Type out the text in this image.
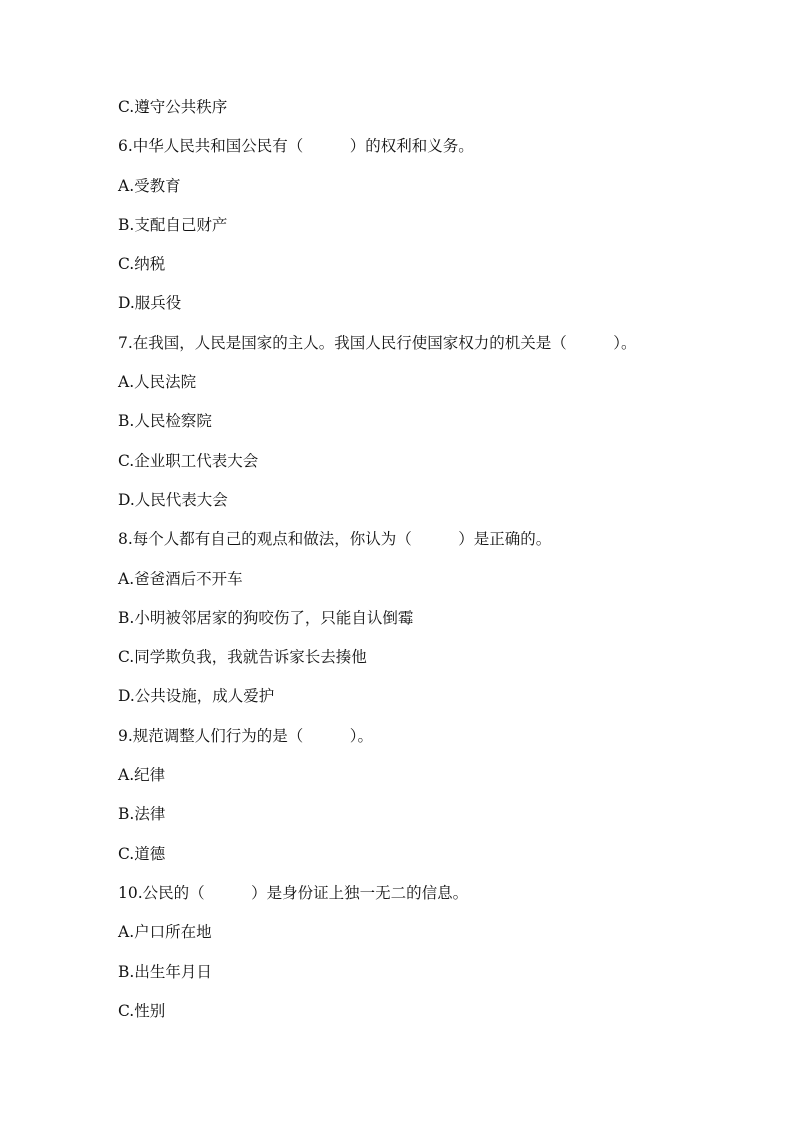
C.遵守公共秩序
6.中华人民共和国公民有（　　　）的权利和义务。
A.受教育
B.支配自己财产
C.纳税
D.服兵役
7.在我国，人民是国家的主人。我国人民行使国家权力的机关是（　　　）。
A.人民法院
B.人民检察院
C.企业职工代表大会
D.人民代表大会
8.每个人都有自己的观点和做法，你认为（　　　）是正确的。
A.爸爸酒后不开车
B.小明被邻居家的狗咬伤了，只能自认倒霉
C.同学欺负我，我就告诉家长去揍他
D.公共设施，成人爱护
9.规范调整人们行为的是（　　　）。
A.纪律
B.法律
C.道德
10.公民的（　　　）是身份证上独一无二的信息。
A.户口所在地
B.出生年月日
C.性别
